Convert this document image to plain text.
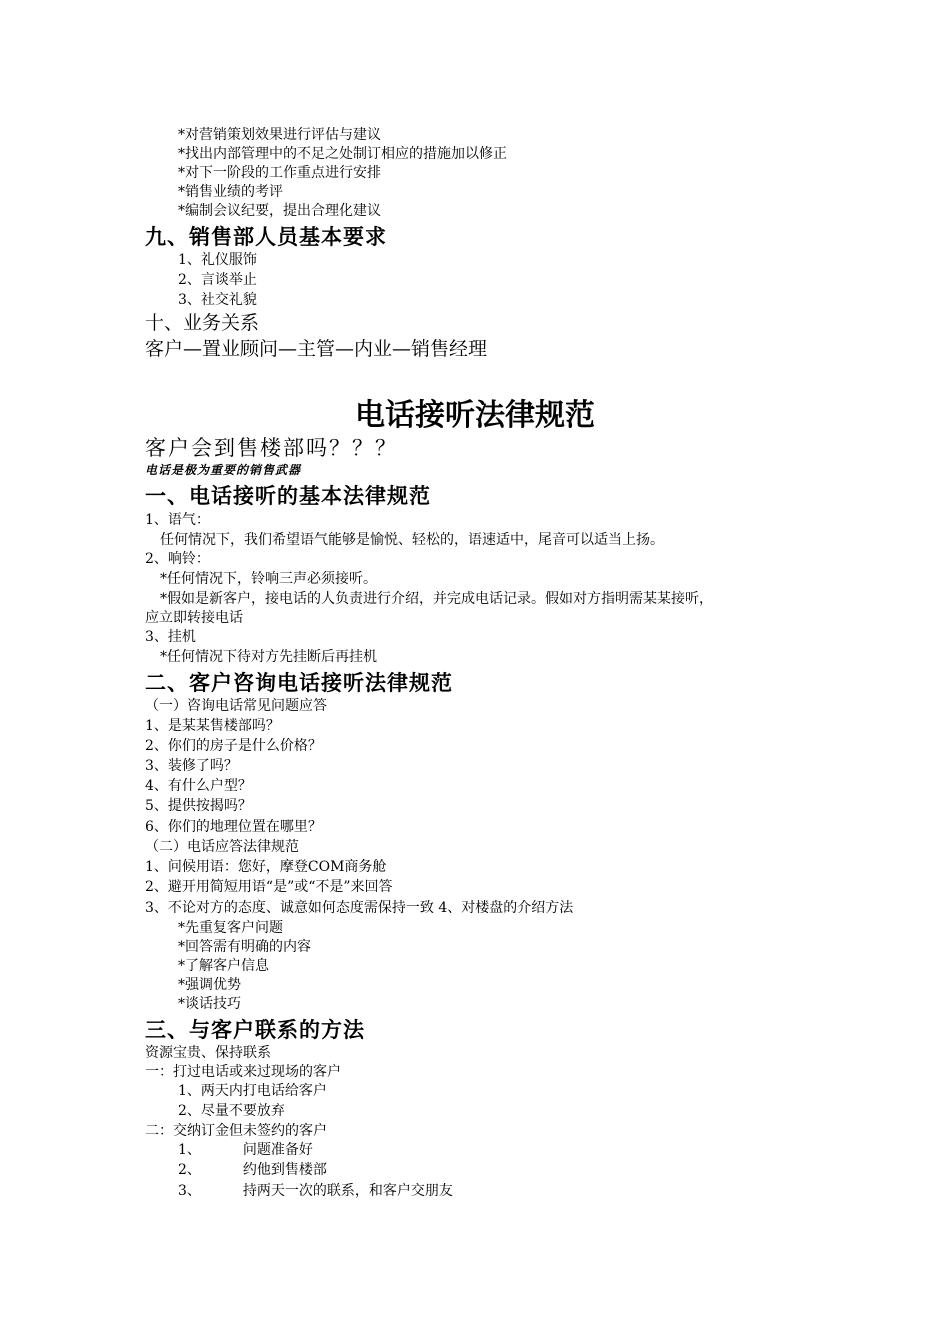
*对营销策划效果进行评估与建议
*找出内部管理中的不足之处制订相应的措施加以修正
*对下一阶段的工作重点进行安排
*销售业绩的考评
*编制会议纪要，提出合理化建议
九、销售部人员基本要求
1、礼仪服饰
2、言谈举止
3、社交礼貌
十、业务关系
客户—置业顾问—主管—内业—销售经理
电话接听法律规范
客户会到售楼部吗？？？
电话是极为重要的销售武器
一、电话接听的基本法律规范
1、语气：
任何情况下，我们希望语气能够是愉悦、轻松的，语速适中，尾音可以适当上扬。
2、响铃：
*任何情况下，铃响三声必须接听。
*假如是新客户，接电话的人负责进行介绍，并完成电话记录。假如对方指明需某某接听，
应立即转接电话
3、挂机
*任何情况下待对方先挂断后再挂机
二、客户咨询电话接听法律规范
（一）咨询电话常见问题应答
1、是某某售楼部吗？
2、你们的房子是什么价格？
3、装修了吗？
4、有什么户型？
5、提供按揭吗？
6、你们的地理位置在哪里？
（二）电话应答法律规范
1、问候用语：您好，摩登COM商务舱
2、避开用简短用语“是”或“不是”来回答
3、不论对方的态度、诚意如何态度需保持一致 4、对楼盘的介绍方法
*先重复客户问题
*回答需有明确的内容
*了解客户信息
*强调优势
*谈话技巧
三、与客户联系的方法
资源宝贵、保持联系
一：打过电话或来过现场的客户
1、两天内打电话给客户
2、尽量不要放弃
二：交纳订金但未签约的客户
1、	问题准备好
2、	约他到售楼部
3、	持两天一次的联系，和客户交朋友
